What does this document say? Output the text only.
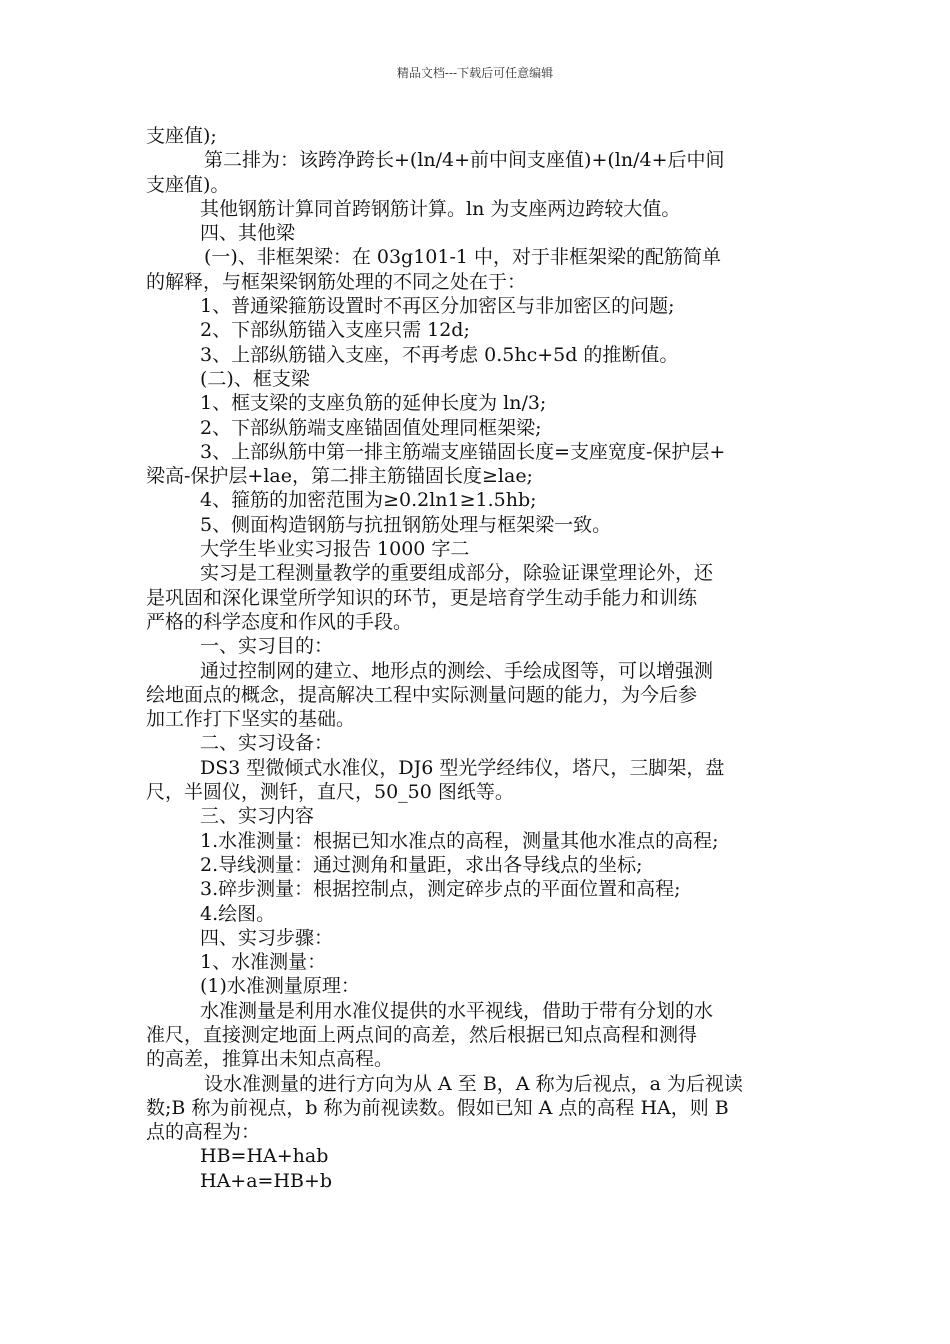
精品文档---下载后可任意编辑
支座值);
第二排为：该跨净跨长+(ln/4+前中间支座值)+(ln/4+后中间
支座值)。
其他钢筋计算同首跨钢筋计算。ln 为支座两边跨较大值。
四、其他梁
(一)、非框架梁：在 03g101-1 中，对于非框架梁的配筋简单
的解释，与框架梁钢筋处理的不同之处在于：
1、普通梁箍筋设置时不再区分加密区与非加密区的问题;
2、下部纵筋锚入支座只需 12d;
3、上部纵筋锚入支座，不再考虑 0.5hc+5d 的推断值。
(二)、框支梁
1、框支梁的支座负筋的延伸长度为 ln/3;
2、下部纵筋端支座锚固值处理同框架梁;
3、上部纵筋中第一排主筋端支座锚固长度=支座宽度-保护层+
梁高-保护层+lae，第二排主筋锚固长度≥lae;
4、箍筋的加密范围为≥0.2ln1≥1.5hb;
5、侧面构造钢筋与抗扭钢筋处理与框架梁一致。
大学生毕业实习报告 1000 字二
实习是工程测量教学的重要组成部分，除验证课堂理论外，还
是巩固和深化课堂所学知识的环节，更是培育学生动手能力和训练
严格的科学态度和作风的手段。
一、实习目的：
通过控制网的建立、地形点的测绘、手绘成图等，可以增强测
绘地面点的概念，提高解决工程中实际测量问题的能力，为今后参
加工作打下坚实的基础。
二、实习设备：
DS3 型微倾式水准仪，DJ6 型光学经纬仪，塔尺，三脚架，盘
尺，半圆仪，测钎，直尺，50_50 图纸等。
三、实习内容
1.水准测量：根据已知水准点的高程，测量其他水准点的高程;
2.导线测量：通过测角和量距，求出各导线点的坐标;
3.碎步测量：根据控制点，测定碎步点的平面位置和高程;
4.绘图。
四、实习步骤：
1、水准测量：
(1)水准测量原理：
水准测量是利用水准仪提供的水平视线，借助于带有分划的水
准尺，直接测定地面上两点间的高差，然后根据已知点高程和测得
的高差，推算出未知点高程。
设水准测量的进行方向为从 A 至 B，A 称为后视点，a 为后视读
数;B 称为前视点，b 称为前视读数。假如已知 A 点的高程 HA，则 B
点的高程为：
HB=HA+hab
HA+a=HB+b
